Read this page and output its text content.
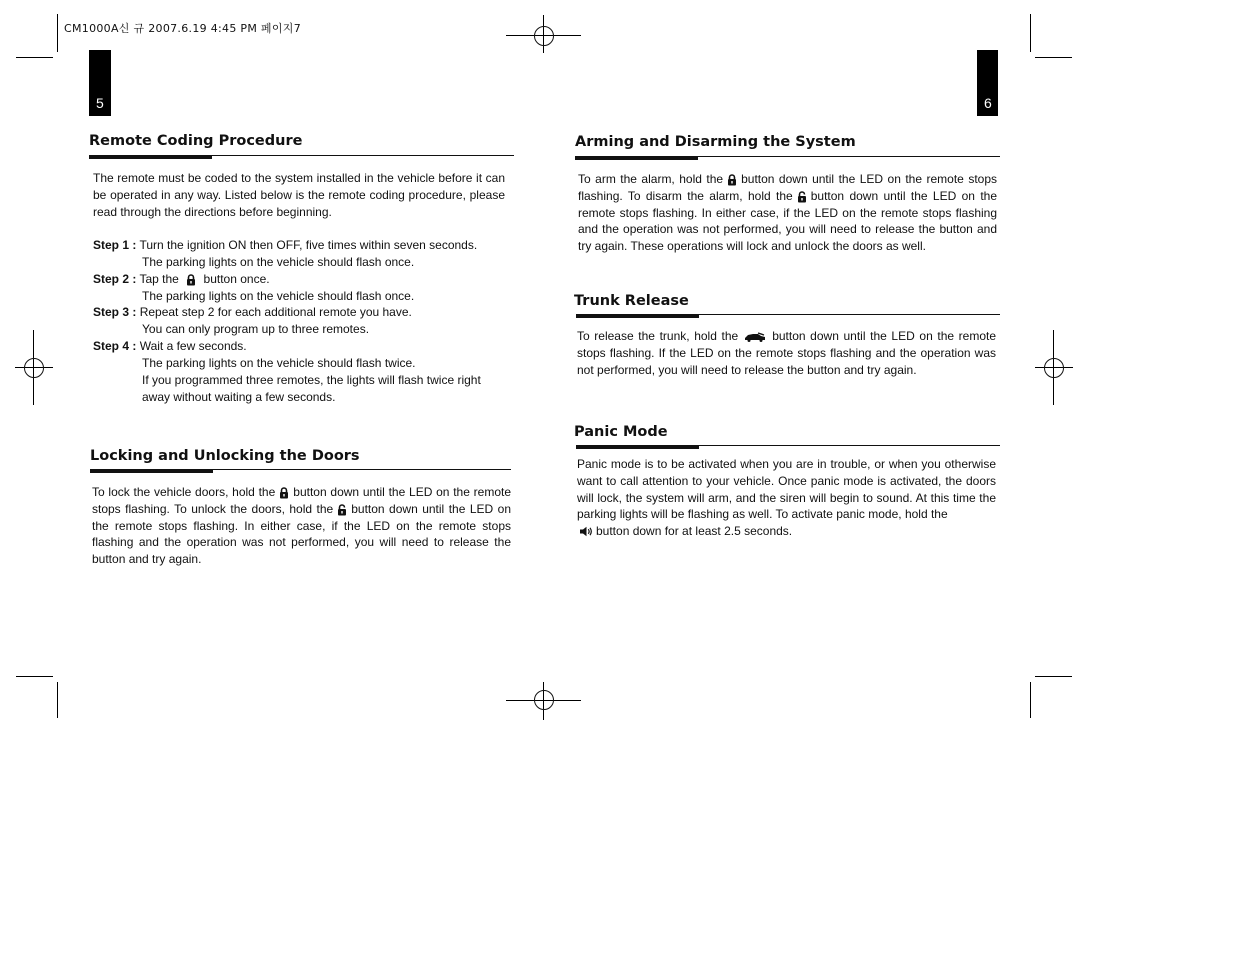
CM1000A신 규 2007.6.19 4:45 PM 페이지7
5	6
Remote Coding Procedure
The remote must be coded to the system installed in the vehicle before it can be operated in any way. Listed below is the remote coding procedure, please read through the directions before beginning.
Step 1 : Turn the ignition ON then OFF, five times within seven seconds.
The parking lights on the vehicle should flash once.
Step 2 : Tap the button once.
The parking lights on the vehicle should flash once.
Step 3 : Repeat step 2 for each additional remote you have.
You can only program up to three remotes.
Step 4 : Wait a few seconds.
The parking lights on the vehicle should flash twice.
If you programmed three remotes, the lights will flash twice right
away without waiting a few seconds.
Locking and Unlocking the Doors
To lock the vehicle doors, hold the button down until the LED on the remote stops flashing. To unlock the doors, hold the button down until the LED on the remote stops flashing. In either case, if the LED on the remote stops flashing and the operation was not performed, you will need to release the button and try again.
Arming and Disarming the System
To arm the alarm, hold the button down until the LED on the remote stops flashing. To disarm the alarm, hold the button down until the LED on the remote stops flashing. In either case, if the LED on the remote stops flashing and the operation was not performed, you will need to release the button and try again. These operations will lock and unlock the doors as well.
Trunk Release
To release the trunk, hold the	button down until the LED on the remote stops flashing. If the LED on the remote stops flashing and the operation was not performed, you will need to release the button and try again.
Panic Mode
Panic mode is to be activated when you are in trouble, or when you otherwise want to call attention to your vehicle. Once panic mode is activated, the doors will lock, the system will arm, and the siren will begin to sound. At this time the parking lights will be flashing as well. To activate panic mode, hold the
button down for at least 2.5 seconds.
